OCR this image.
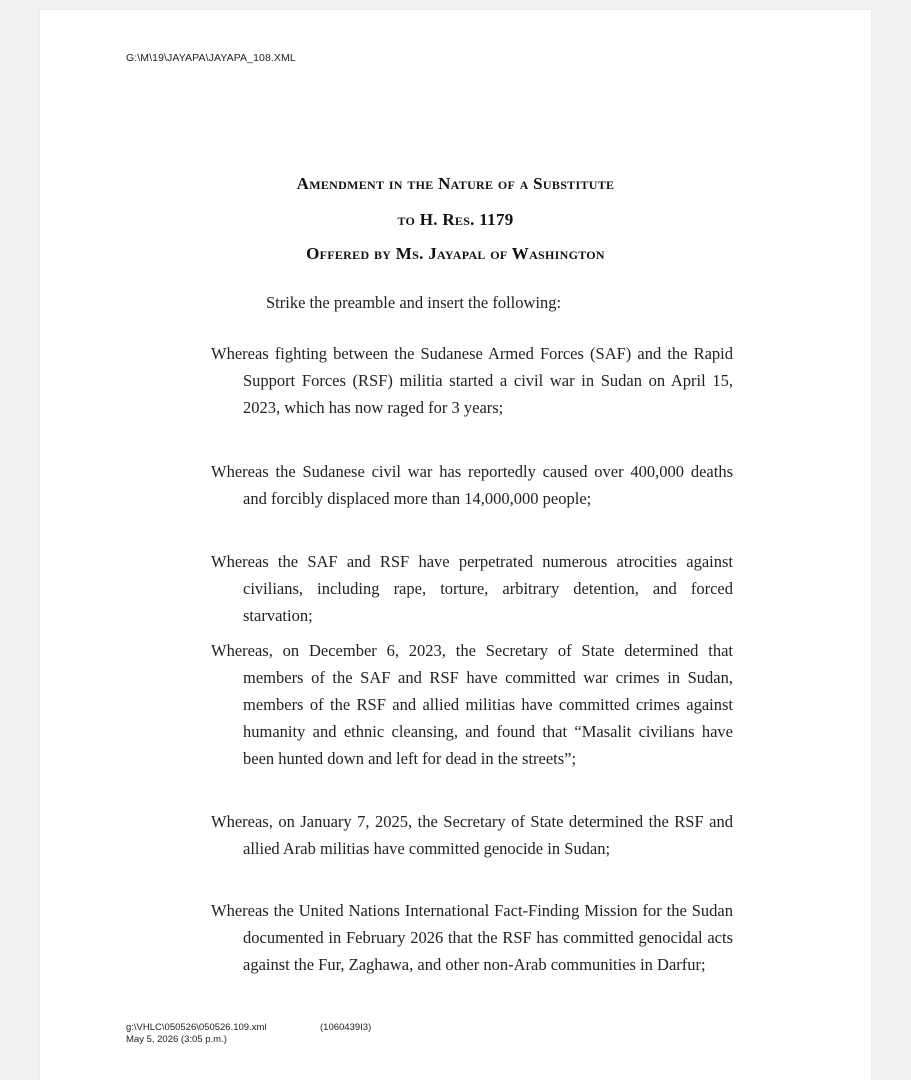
G:\M\19\JAYAPA\JAYAPA_108.XML
Amendment in the Nature of a Substitute
to H. Res. 1179
Offered by Ms. Jayapal of Washington
Strike the preamble and insert the following:
Whereas fighting between the Sudanese Armed Forces (SAF) and the Rapid Support Forces (RSF) militia started a civil war in Sudan on April 15, 2023, which has now raged for 3 years;
Whereas the Sudanese civil war has reportedly caused over 400,000 deaths and forcibly displaced more than 14,000,000 people;
Whereas the SAF and RSF have perpetrated numerous atrocities against civilians, including rape, torture, arbitrary detention, and forced starvation;
Whereas, on December 6, 2023, the Secretary of State determined that members of the SAF and RSF have committed war crimes in Sudan, members of the RSF and allied militias have committed crimes against humanity and ethnic cleansing, and found that “Masalit civilians have been hunted down and left for dead in the streets”;
Whereas, on January 7, 2025, the Secretary of State determined the RSF and allied Arab militias have committed genocide in Sudan;
Whereas the United Nations International Fact-Finding Mission for the Sudan documented in February 2026 that the RSF has committed genocidal acts against the Fur, Zaghawa, and other non-Arab communities in Darfur;
g:\VHLC\050526\050526.109.xml
May 5, 2026 (3:05 p.m.)
(1060439I3)
